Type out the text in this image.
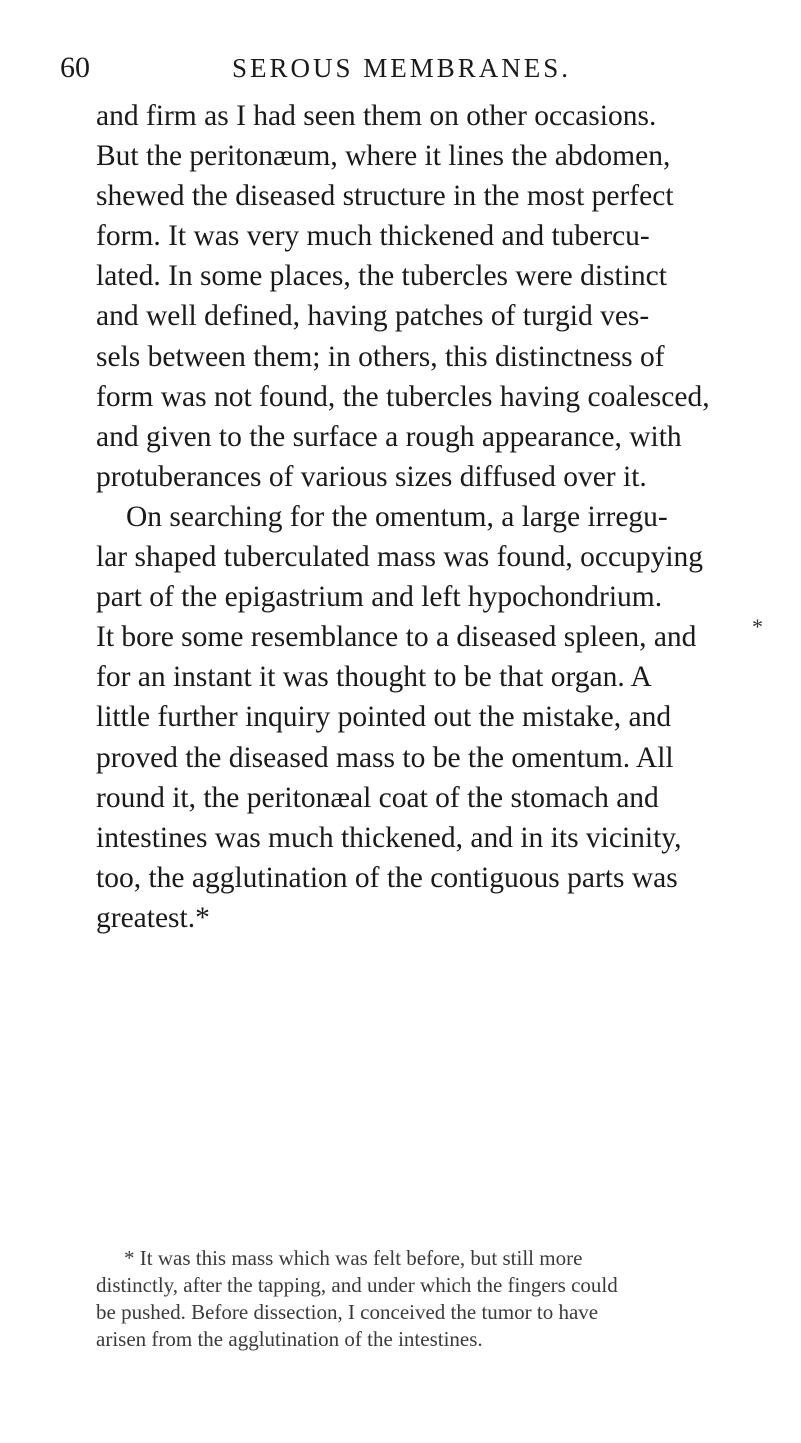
60	SEROUS MEMBRANES.
and firm as I had seen them on other occasions.
But the peritonæum, where it lines the abdomen,
shewed the diseased structure in the most perfect
form. It was very much thickened and tubercu-
lated. In some places, the tubercles were distinct
and well defined, having patches of turgid ves-
sels between them; in others, this distinctness of
form was not found, the tubercles having coalesced,
and given to the surface a rough appearance, with
protuberances of various sizes diffused over it.
On searching for the omentum, a large irregu-
lar shaped tuberculated mass was found, occupying
part of the epigastrium and left hypochondrium.
It bore some resemblance to a diseased spleen, and
for an instant it was thought to be that organ. A
little further inquiry pointed out the mistake, and
proved the diseased mass to be the omentum. All
round it, the peritonæal coat of the stomach and
intestines was much thickened, and in its vicinity,
too, the agglutination of the contiguous parts was
greatest.*
*
* It was this mass which was felt before, but still more
distinctly, after the tapping, and under which the fingers could
be pushed. Before dissection, I conceived the tumor to have
arisen from the agglutination of the intestines.
